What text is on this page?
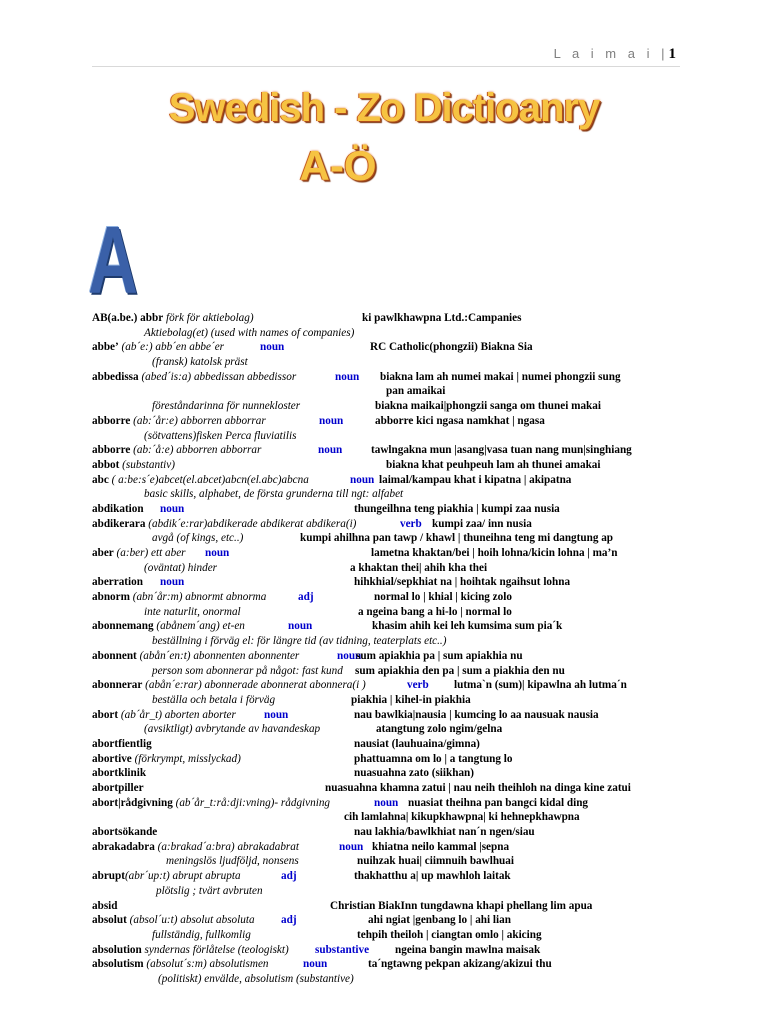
L a i m a i |1
Swedish - Zo Dictioanry
A-Ö
A
AB(a.be.) abbr förk för aktiebolag)	ki pawlkhawpna Ltd.:Campanies
Aktiebolag(et) (used with names of companies)
abbe’ (ab´e:) abb´en abbe´er	noun	RC Catholic(phongzii) Biakna Sia
(fransk) katolsk präst
abbedissa (abed´is:a) abbedissan abbedissor	noun biakna lam ah numei makai | numei phongzii sung
pan amaikai
föreståndarinna för nunnekloster	biakna maikai|phongzii sanga om thunei makai
abborre (ab:´år:e) abborren abborrar	noun	abborre kici ngasa namkhat | ngasa
(sötvattens)fisken Perca fluviatilis
abborre (ab:´å:e) abborren abborrar	noun	tawlngakna mun |asang|vasa tuan nang mun|singhiang
abbot (substantiv)	biakna khat peuhpeuh lam ah thunei amakai
abc ( a:be:s´e)abcet(el.abcet)abcn(el.abc)abcna	noun laimal/kampau khat i kipatna | akipatna
basic skills, alphabet, de första grunderna till ngt: alfabet
abdikation noun	thungeilhna teng piakhia | kumpi zaa nusia
abdikerara (abdik´e:rar)abdikerade abdikerat abdikera(i)	verb kumpi zaa/ inn nusia
avgå (of kings, etc..)	kumpi ahilhna pan tawp / khawl | thuneihna teng mi dangtung ap
aber (a:ber) ett aber noun	lametna khaktan/bei | hoih lohna/kicin lohna | ma’n
(oväntat) hinder	a khaktan thei| ahih kha thei
aberration noun	hihkhial/sepkhiat na | hoihtak ngaihsut lohna
abnorm (abn´år:m) abnormt abnorma	adj	normal lo | khial | kicing zolo
inte naturlit, onormal	a ngeina bang a hi-lo | normal lo
abonnemang (abånem´ang) et-en	noun	khasim ahih kei leh kumsima sum pia´k
beställning i förväg el: för längre tid (av tidning, teaterplats etc..)
abonnent (abån´en:t) abonnenten abonnenter	noun
sum apiakhia pa | sum apiakhia nu
person som abonnerar på något: fast kund sum apiakhia den pa | sum a piakhia den nu
abonnerar (abån´e:rar) abonnerade abonnerat abonnera(i )	verb lutma`n (sum)| kipawlna ah lutma´n
beställa och betala i förväg	piakhia | kihel-in piakhia
abort (ab´år_t) aborten aborter	noun	nau bawlkia|nausia | kumcing lo aa nausuak nausia
(avsiktligt) avbrytande av havandeskap	atangtung zolo ngim/gelna
abortfientlig	nausiat (lauhuaina/gimna)
abortive (förkrympt, misslyckad)	phattuamna om lo | a tangtung lo
abortklinik	nuasuahna zato (siikhan)
abortpiller	nuasuahna khamna zatui | nau neih theihloh na dinga kine zatui
abort|rådgivning (ab´år_t:rå:dji:vning)- rådgivning	noun nuasiat theihna pan bangci kidal ding
cih lamlahna| kikupkhawpna| ki hehnepkhawpna
abortsökande	nau lakhia/bawlkhiat nan´n ngen/siau
abrakadabra (a:brakad´a:bra) abrakadabrat	noun khiatna neilo kammal |sepna
meningslös ljudföljd, nonsens	nuihzak huai| ciimnuih bawlhuai
abrupt(abr´up:t) abrupt abrupta	adj	thakhatthu a| up mawhloh laitak
plötslig ; tvärt avbruten
absid	Christian BiakInn tungdawna khapi phellang lim apua
absolut (absol´u:t) absolut absoluta adj	ahi ngiat |genbang lo | ahi lian
fullständig, fullkomlig	tehpih theiloh | ciangtan omlo | akicing
absolution syndernas förlåtelse (teologiskt) substantive ngeina bangin mawlna maisak
absolutism (absolut´s:m) absolutismen	noun	ta´ngtawng pekpan akizang/akizui thu
(politiskt) envälde, absolutism (substantive)
